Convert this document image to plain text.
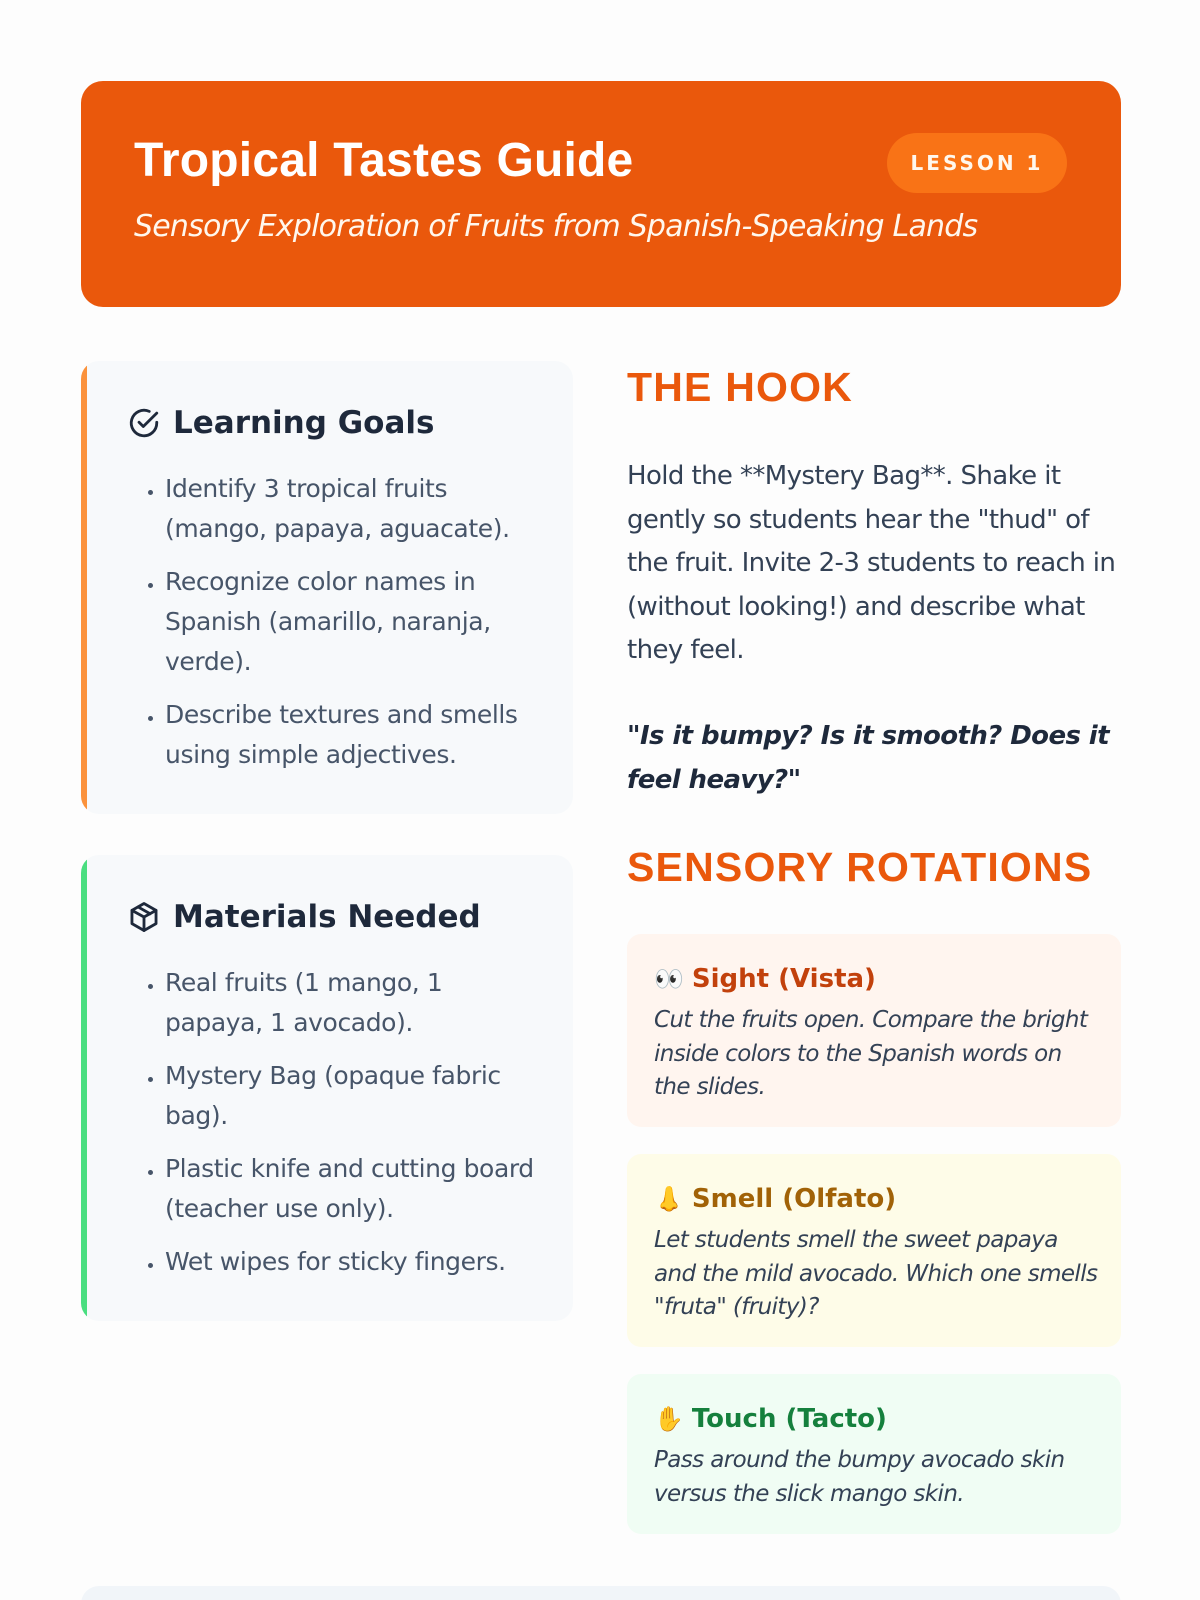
Tropical Tastes Guide	LESSON 1
Sensory Exploration of Fruits from Spanish-Speaking Lands
Learning Goals
• Identify 3 tropical fruits (mango, papaya, aguacate).
• Recognize color names in Spanish (amarillo, naranja, verde).
• Describe textures and smells using simple adjectives.
Materials Needed
• Real fruits (1 mango, 1 papaya, 1 avocado).
• Mystery Bag (opaque fabric bag).
• Plastic knife and cutting board (teacher use only).
• Wet wipes for sticky fingers.
THE HOOK

Hold the **Mystery Bag**. Shake it gently so students hear the "thud" of the fruit. Invite 2-3 students to reach in (without looking!) and describe what they feel.

"Is it bumpy? Is it smooth? Does it feel heavy?"

SENSORY ROTATIONS
👀 Sight (Vista)

Cut the fruits open. Compare the bright inside colors to the Spanish words on the slides.

👃 Smell (Olfato)

Let students smell the sweet papaya and the mild avocado. Which one smells "fruta" (fruity)?

✋ Touch (Tacto)

Pass around the bumpy avocado skin versus the slick mango skin.
